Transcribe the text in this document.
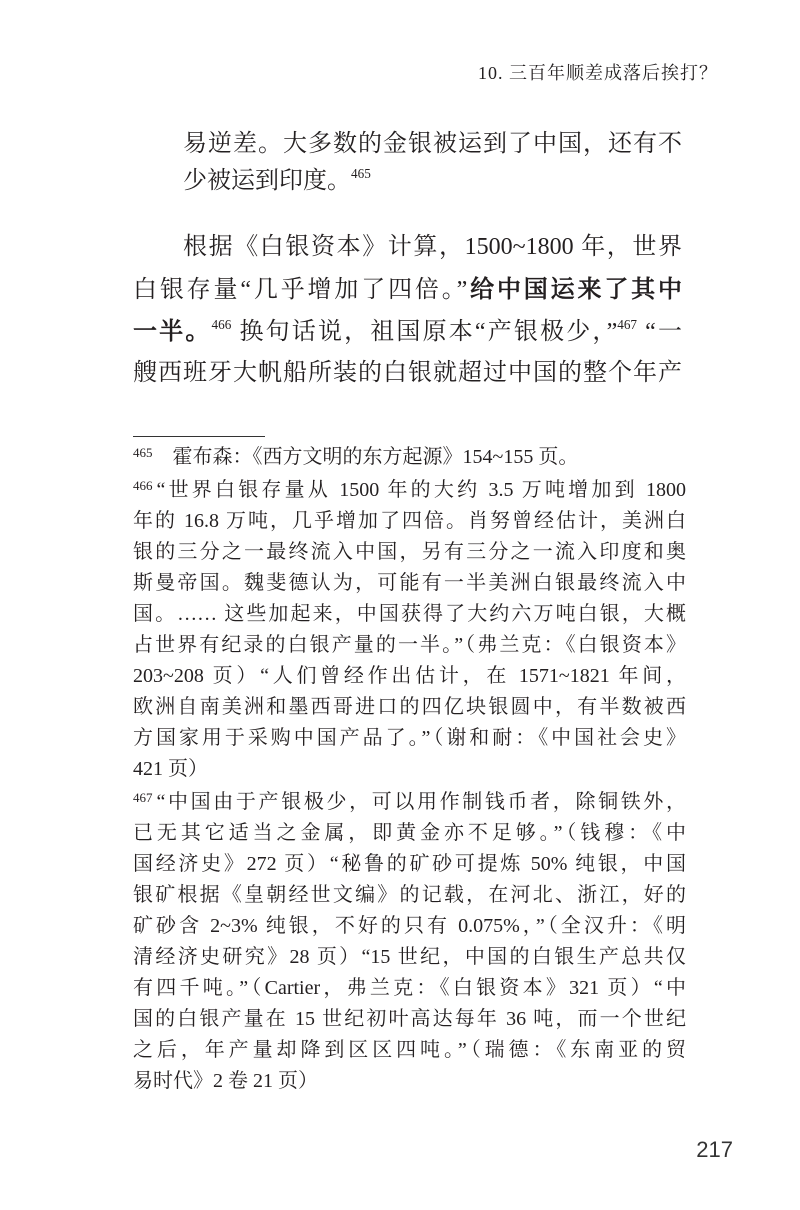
10. 三百年顺差成落后挨打？
易逆差。大多数的金银被运到了中国，还有不
少被运到印度。$^{465}$
根据《白银资本》计算，1500~1800 年，世界
白银存量“几乎增加了四倍。”给中国运来了其中
一半。$^{466}$ 换句话说，祖国原本“产银极少，”$^{467}$ “一
艘西班牙大帆船所装的白银就超过中国的整个年产
$^{465}$ 霍布森：《西方文明的东方起源》154~155 页。
$^{466}$ “世界白银存量从 1500 年的大约 3.5 万吨增加到 1800
年的 16.8 万吨，几乎增加了四倍。肖努曾经估计，美洲白
银的三分之一最终流入中国，另有三分之一流入印度和奥
斯曼帝国。魏斐德认为，可能有一半美洲白银最终流入中
国。…… 这些加起来，中国获得了大约六万吨白银，大概
占世界有纪录的白银产量的一半。”（弗兰克：《白银资本》
203~208 页）“人们曾经作出估计，在 1571~1821 年间，
欧洲自南美洲和墨西哥进口的四亿块银圆中，有半数被西
方国家用于采购中国产品了。”（谢和耐：《中国社会史》
421 页）
$^{467}$ “中国由于产银极少，可以用作制钱币者，除铜铁外，
已无其它适当之金属，即黄金亦不足够。”（钱穆：《中
国经济史》272 页）“秘鲁的矿砂可提炼 50% 纯银，中国
银矿根据《皇朝经世文编》的记载，在河北、浙江，好的
矿砂含 2~3% 纯银，不好的只有 0.075%，”（全汉升：《明
清经济史研究》28 页）“15 世纪，中国的白银生产总共仅
有四千吨。”（Cartier，弗兰克：《白银资本》321 页）“中
国的白银产量在 15 世纪初叶高达每年 36 吨，而一个世纪
之后，年产量却降到区区四吨。”（瑞德：《东南亚的贸
易时代》2 卷 21 页）
217
